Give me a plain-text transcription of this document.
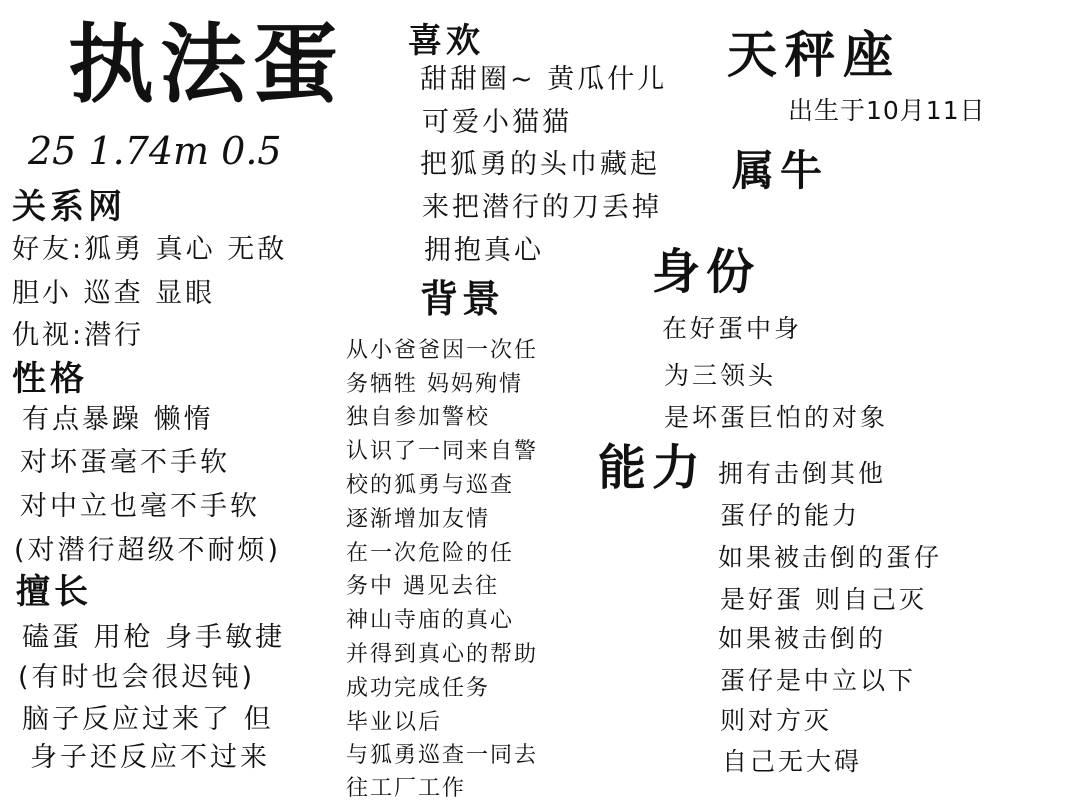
执法蛋
25 1.74m 0.5
喜欢
甜甜圈~ 黄瓜什儿
可爱小猫猫
把狐勇的头巾藏起
来把潜行的刀丢掉
拥抱真心
天秤座
出生于10月11日
属牛
关系网
好友:狐勇 真心 无敌
胆小 巡查 显眼
仇视:潜行
性格
有点暴躁 懒惰
对坏蛋毫不手软
对中立也毫不手软
(对潜行超级不耐烦)
擅长
磕蛋 用枪 身手敏捷
(有时也会很迟钝)
脑子反应过来了 但
身子还反应不过来
背景
从小爸爸因一次任
务牺牲 妈妈殉情
独自参加警校
认识了一同来自警
校的狐勇与巡查
逐渐增加友情
在一次危险的任
务中 遇见去往
神山寺庙的真心
并得到真心的帮助
成功完成任务
毕业以后
与狐勇巡查一同去
往工厂工作
身份
在好蛋中身
为三领头
是坏蛋巨怕的对象
能力 拥有击倒其他
蛋仔的能力
如果被击倒的蛋仔
是好蛋 则自己灭
如果被击倒的
蛋仔是中立以下
则对方灭
自己无大碍
